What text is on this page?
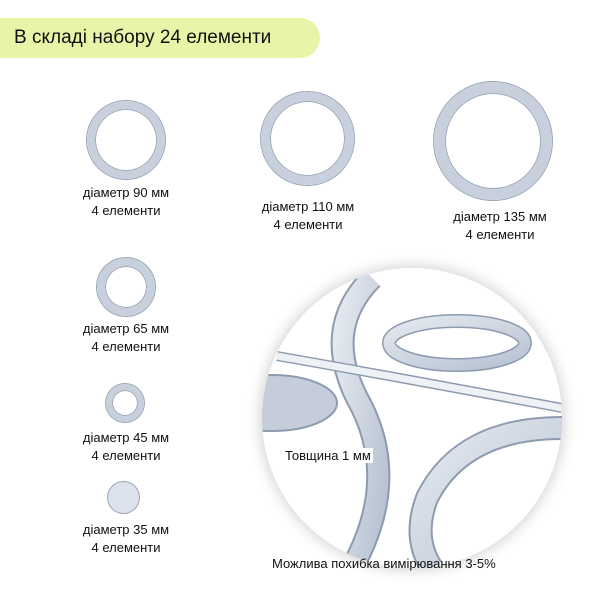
В складі набору 24 елементи
діаметр 90 мм
4 елементи	діаметр 110 мм
4 елементи
діаметр 135 мм
4 елементи
діаметр 65 мм
4 елементи
діаметр 45 мм
4 елементи
діаметр 35 мм
4 елементи
Товщина 1 мм
Можлива похибка вимірювання 3-5%
